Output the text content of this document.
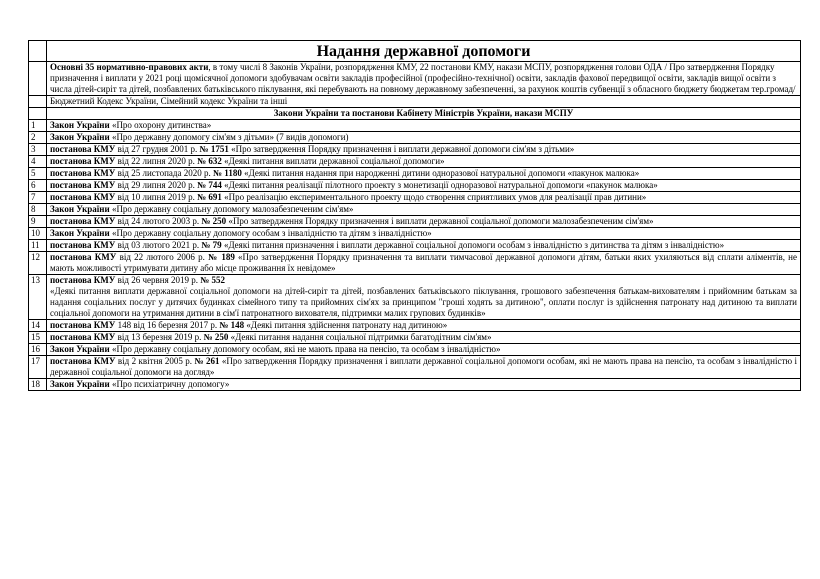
	Надання державної допомоги
	Основні 35 нормативно-правових акти, в тому числі 8 Законів України, розпорядження КМУ, 22 постанови КМУ, накази МСПУ, розпорядження голови ОДА / Про затвердження Порядку призначення і виплати у 2021 році щомісячної допомоги здобувачам освіти закладів професійної (професійно-технічної) освіти, закладів фахової передвищої освіти, закладів вищої освіти з числа дітей-сиріт та дітей, позбавлених батьківського піклування, які перебувають на повному державному забезпеченні, за рахунок коштів субвенції з обласного бюджету бюджетам тер.громад/
	Бюджетний Кодекс України, Сімейний кодекс України та інші
	Закони України та постанови Кабінету Міністрів України, накази МСПУ
1	Закон України «Про охорону дитинства»
2	Закон України «Про державну допомогу сім'ям з дітьми» (7 видів допомоги)
3	постанова КМУ від 27 грудня 2001 р. № 1751 «Про затвердження Порядку призначення і виплати державної допомоги сім'ям з дітьми»
4	постанова КМУ від 22 липня 2020 р. № 632 «Деякі питання виплати державної соціальної допомоги»
5	постанова КМУ від 25 листопада 2020 р. № 1180 «Деякі питання надання при народженні дитини одноразової натуральної допомоги «пакунок малюка»
6	постанова КМУ від 29 липня 2020 р. № 744 «Деякі питання реалізації пілотного проекту з монетизації одноразової натуральної допомоги «пакунок малюка»
7	постанова КМУ від 10 липня 2019 р. № 691 «Про реалізацію експериментального проекту щодо створення сприятливих умов для реалізації прав дитини»
8	Закон України «Про державну соціальну допомогу малозабезпеченим сім'ям»
9	постанова КМУ від 24 лютого 2003 р. № 250 «Про затвердження Порядку призначення і виплати державної соціальної допомоги малозабезпеченим сім'ям»
10	Закон України «Про державну соціальну допомогу особам з інвалідністю та дітям з інвалідністю»
11	постанова КМУ від 03 лютого 2021 р. № 79 «Деякі питання призначення і виплати державної соціальної допомоги особам з інвалідністю з дитинства та дітям з інвалідністю»
12	постанова КМУ від 22 лютого 2006 р. № 189 «Про затвердження Порядку призначення та виплати тимчасової державної допомоги дітям, батьки яких ухиляються від сплати аліментів, не мають можливості утримувати дитину або місце проживання їх невідоме»
13	постанова КМУ від 26 червня 2019 р. № 552
«Деякі питання виплати державної соціальної допомоги на дітей-сиріт та дітей, позбавлених батьківського піклування, грошового забезпечення батькам-вихователям і прийомним батькам за надання соціальних послуг у дитячих будинках сімейного типу та прийомних сім'ях за принципом "гроші ходять за дитиною", оплати послуг із здійснення патронату над дитиною та виплати соціальної допомоги на утримання дитини в сім'ї патронатного вихователя, підтримки малих групових будинків»

14	постанова КМУ 148 від 16 березня 2017 р. № 148 «Деякі питання здійснення патронату над дитиною»
15	постанова КМУ від 13 березня 2019 р. № 250 «Деякі питання надання соціальної підтримки багатодітним сім'ям»
16	Закон України «Про державну соціальну допомогу особам, які не мають права на пенсію, та особам з інвалідністю»
17	постанова КМУ від 2 квітня 2005 р. № 261 «Про затвердження Порядку призначення і виплати державної соціальної допомоги особам, які не мають права на пенсію, та особам з інвалідністю і державної соціальної допомоги на догляд»
18	Закон України «Про психіатричну допомогу»
